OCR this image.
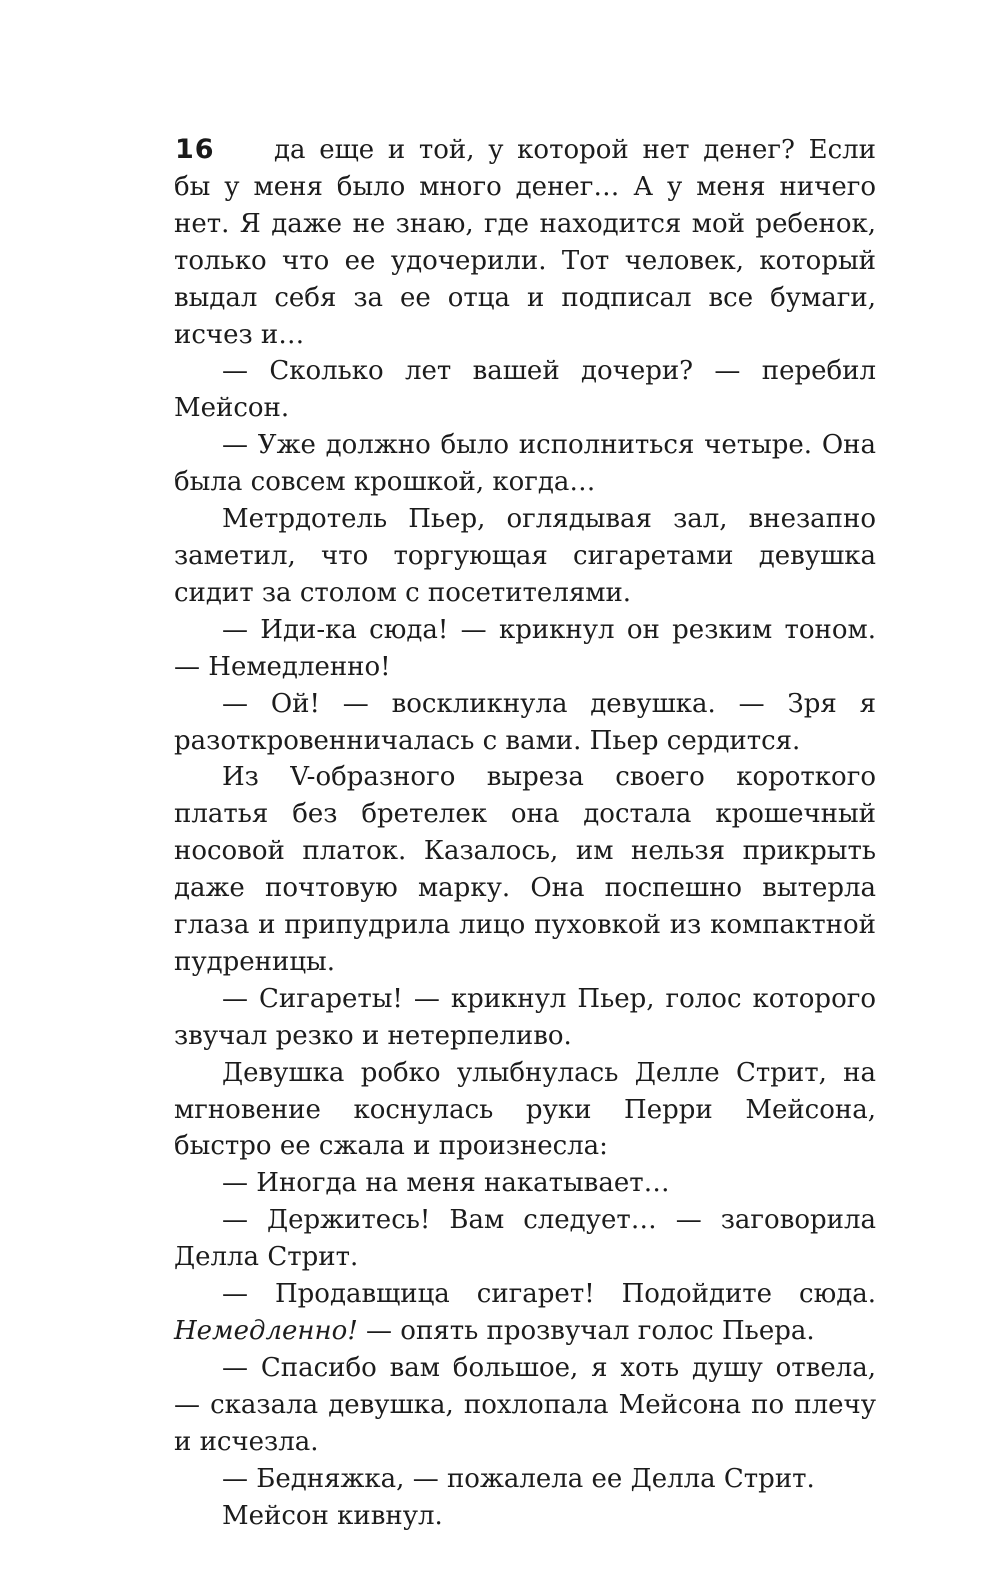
16	да еще и той, у которой нет денег? Если бы у меня было много денег… А у меня ничего нет. Я даже не знаю, где находится мой ребенок, только что ее удочерили. Тот человек, который выдал себя за ее отца и подписал все бумаги, исчез и…

— Сколько лет вашей дочери? — перебил Мейсон.

— Уже должно было исполниться четыре. Она была совсем крошкой, когда…

Метрдотель Пьер, оглядывая зал, внезапно заметил, что торгующая сигаретами девушка сидит за столом с посетителями.

— Иди-ка сюда! — крикнул он резким тоном. — Немедленно!

— Ой! — воскликнула девушка. — Зря я разоткровенничалась с вами. Пьер сердится.

Из V-образного выреза своего короткого платья без бретелек она достала крошечный носовой платок. Казалось, им нельзя прикрыть даже почтовую марку. Она поспешно вытерла глаза и припудрила лицо пуховкой из компактной пудреницы.

— Сигареты! — крикнул Пьер, голос которого звучал резко и нетерпеливо.

Девушка робко улыбнулась Делле Стрит, на мгновение коснулась руки Перри Мейсона, быстро ее сжала и произнесла:

— Иногда на меня накатывает…

— Держитесь! Вам следует… — заговорила Делла Стрит.

— Продавщица сигарет! Подойдите сюда. Немедленно! — опять прозвучал голос Пьера.

— Спасибо вам большое, я хоть душу отвела, — сказала девушка, похлопала Мейсона по плечу и исчезла.

— Бедняжка, — пожалела ее Делла Стрит.

Мейсон кивнул.
